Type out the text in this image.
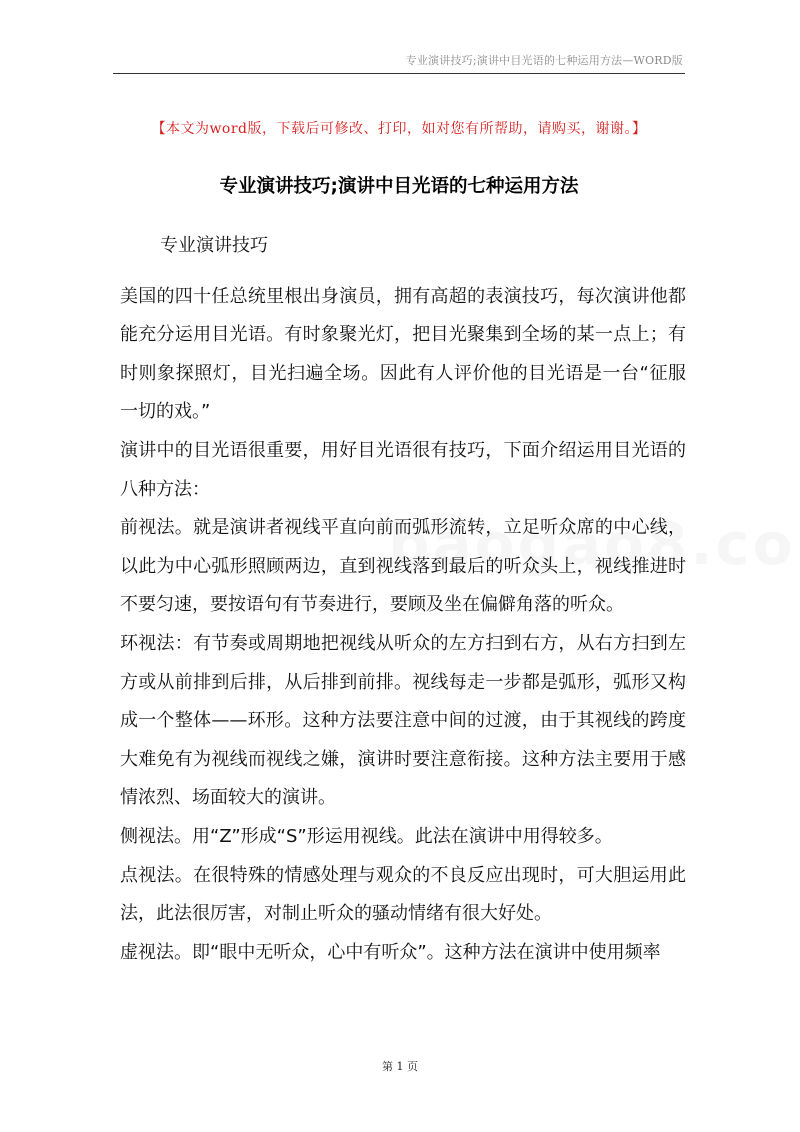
专业演讲技巧;演讲中目光语的七种运用方法—WORD版
【本文为word版，下载后可修改、打印，如对您有所帮助，请购买，谢谢。】
专业演讲技巧;演讲中目光语的七种运用方法

专业演讲技巧

美国的四十任总统里根出身演员，拥有高超的表演技巧，每次演讲他都能充分运用目光语。有时象聚光灯，把目光聚集到全场的某一点上；有时则象探照灯，目光扫遍全场。因此有人评价他的目光语是一台“征服一切的戏。”

演讲中的目光语很重要，用好目光语很有技巧，下面介绍运用目光语的八种方法：

前视法。就是演讲者视线平直向前而弧形流转，立足听众席的中心线，以此为中心弧形照顾两边，直到视线落到最后的听众头上，视线推进时不要匀速，要按语句有节奏进行，要顾及坐在偏僻角落的听众。

环视法：有节奏或周期地把视线从听众的左方扫到右方，从右方扫到左方或从前排到后排，从后排到前排。视线每走一步都是弧形，弧形又构成一个整体——环形。这种方法要注意中间的过渡，由于其视线的跨度大难免有为视线而视线之嫌，演讲时要注意衔接。这种方法主要用于感情浓烈、场面较大的演讲。

侧视法。用“Z”形成“S”形运用视线。此法在演讲中用得较多。

点视法。在很特殊的情感处理与观众的不良反应出现时，可大胆运用此法，此法很厉害，对制止听众的骚动情绪有很大好处。

虚视法。即“眼中无听众，心中有听众”。这种方法在演讲中使用频率

第 1 页
